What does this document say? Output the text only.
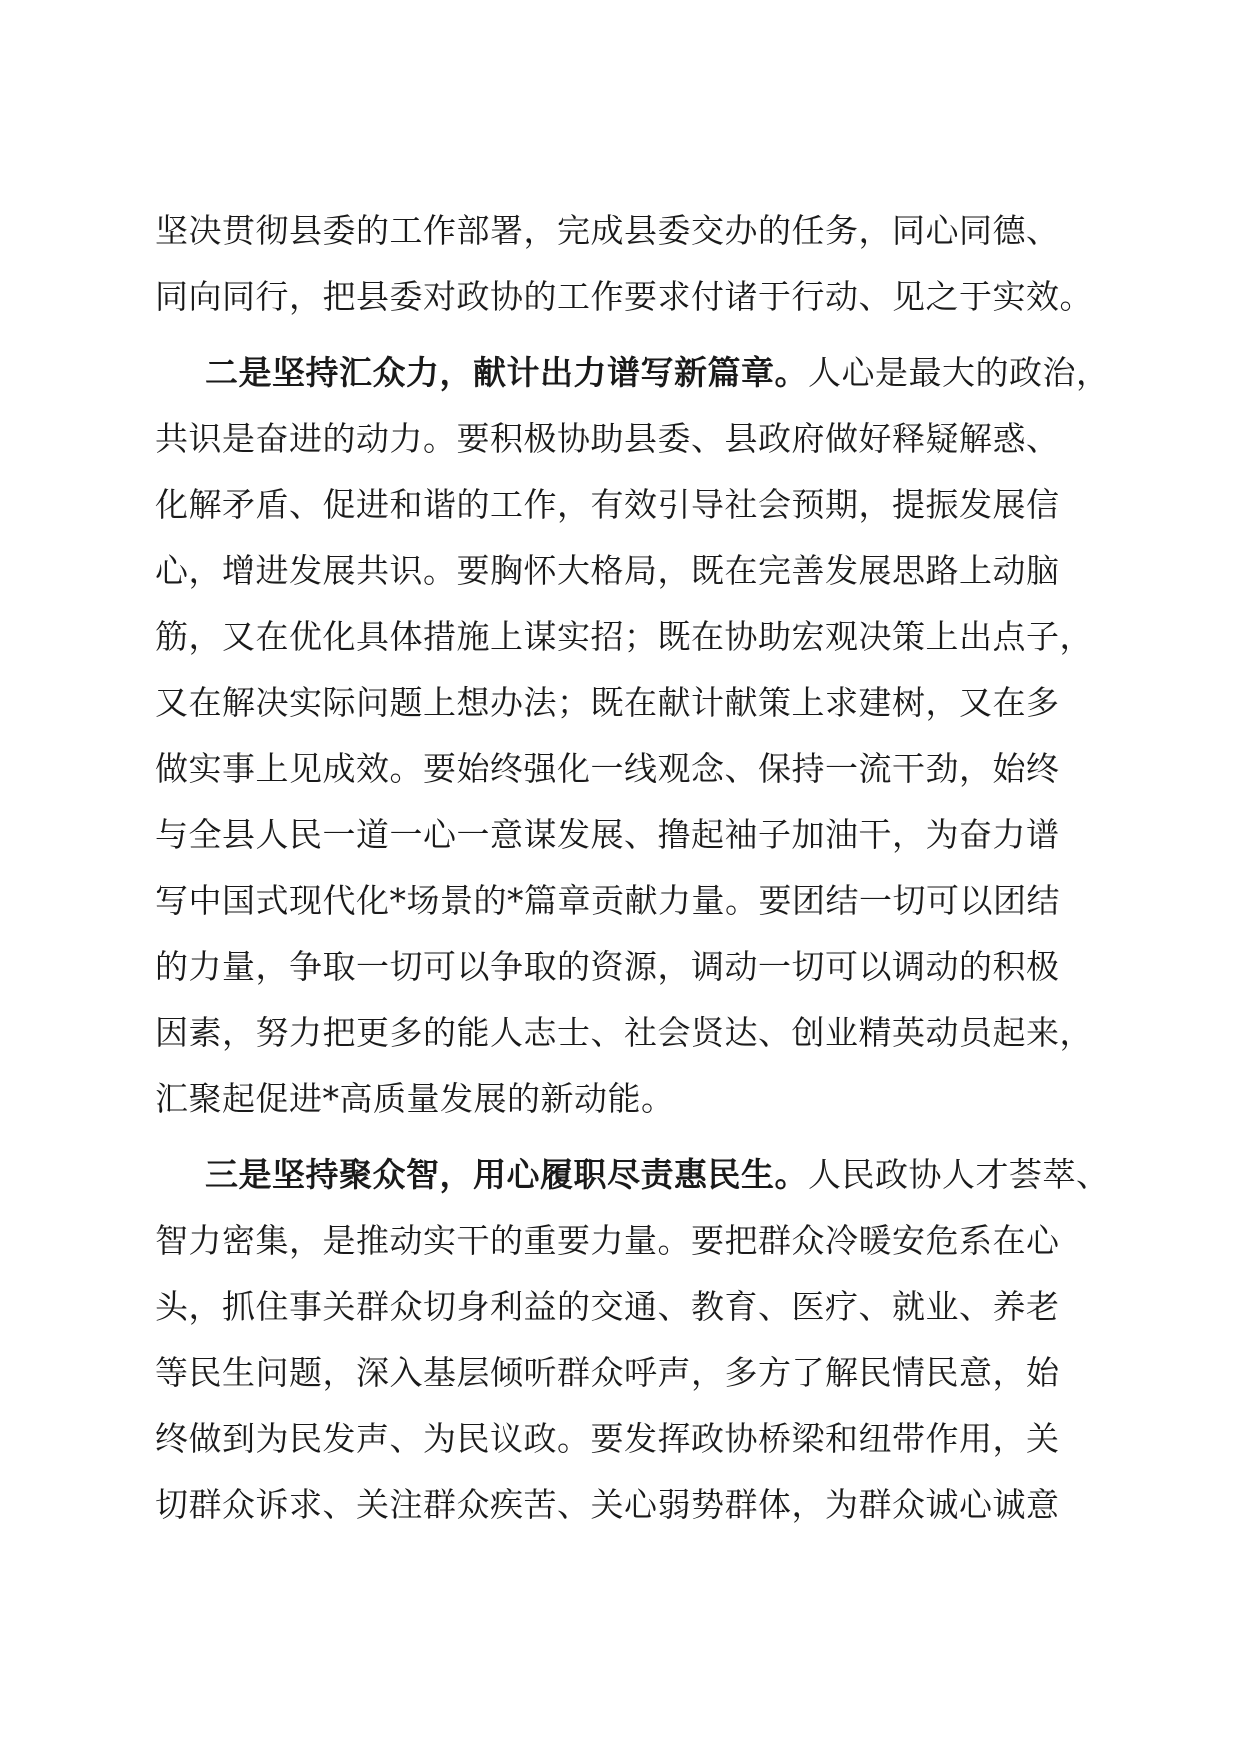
坚决贯彻县委的工作部署，完成县委交办的任务，同心同德、
同向同行，把县委对政协的工作要求付诸于行动、见之于实效。
二是坚持汇众力，献计出力谱写新篇章。人心是最大的政治，
共识是奋进的动力。要积极协助县委、县政府做好释疑解惑、
化解矛盾、促进和谐的工作，有效引导社会预期，提振发展信
心，增进发展共识。要胸怀大格局，既在完善发展思路上动脑
筋，又在优化具体措施上谋实招；既在协助宏观决策上出点子，
又在解决实际问题上想办法；既在献计献策上求建树，又在多
做实事上见成效。要始终强化一线观念、保持一流干劲，始终
与全县人民一道一心一意谋发展、撸起袖子加油干，为奋力谱
写中国式现代化*场景的*篇章贡献力量。要团结一切可以团结
的力量，争取一切可以争取的资源，调动一切可以调动的积极
因素，努力把更多的能人志士、社会贤达、创业精英动员起来，
汇聚起促进*高质量发展的新动能。
三是坚持聚众智，用心履职尽责惠民生。人民政协人才荟萃、
智力密集，是推动实干的重要力量。要把群众冷暖安危系在心
头，抓住事关群众切身利益的交通、教育、医疗、就业、养老
等民生问题，深入基层倾听群众呼声，多方了解民情民意，始
终做到为民发声、为民议政。要发挥政协桥梁和纽带作用，关
切群众诉求、关注群众疾苦、关心弱势群体，为群众诚心诚意
